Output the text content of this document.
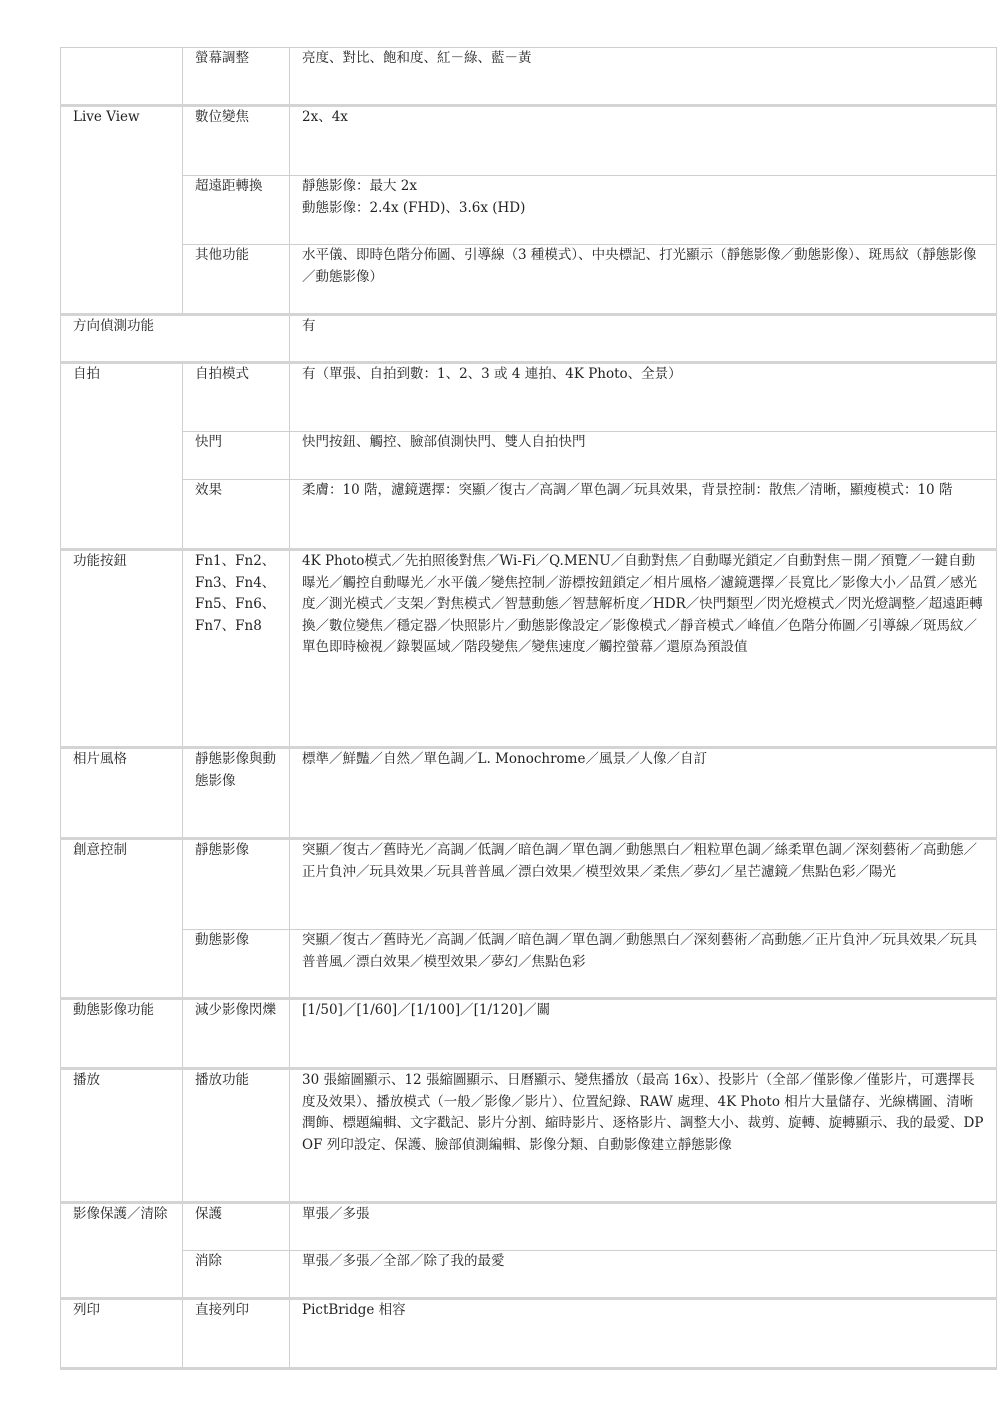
	螢幕調整	亮度、對比、飽和度、紅－綠、藍－黃

Live View	數位變焦	2x、4x

	超遠距轉換	靜態影像：最大 2x
動態影像：2.4x (FHD)、3.6x (HD)

	其他功能	水平儀、即時色階分佈圖、引導線（3 種模式）、中央標記、打光顯示（靜態影像／動態影像）、斑馬紋（靜態影像／動態影像）

方向偵測功能		有

自拍	自拍模式	有（單張、自拍到數：1、2、3 或 4 連拍、4K Photo、全景）

	快門	快門按鈕、觸控、臉部偵測快門、雙人自拍快門

	效果	柔膚：10 階，濾鏡選擇：突顯／復古／高調／單色調／玩具效果，背景控制：散焦／清晰，顯瘦模式：10 階

功能按鈕	Fn1、Fn2、Fn3、Fn4、Fn5、Fn6、Fn7、Fn8	4K Photo模式／先拍照後對焦／Wi-Fi／Q.MENU／自動對焦／自動曝光鎖定／自動對焦－開／預覽／一鍵自動曝光／觸控自動曝光／水平儀／變焦控制／游標按鈕鎖定／相片風格／濾鏡選擇／長寬比／影像大小／品質／感光度／測光模式／支架／對焦模式／智慧動態／智慧解析度／HDR／快門類型／閃光燈模式／閃光燈調整／超遠距轉換／數位變焦／穩定器／快照影片／動態影像設定／影像模式／靜音模式／峰值／色階分佈圖／引導線／斑馬紋／單色即時檢視／錄製區域／階段變焦／變焦速度／觸控螢幕／還原為預設值

相片風格	靜態影像與動態影像	標準／鮮豔／自然／單色調／L. Monochrome／風景／人像／自訂

創意控制	靜態影像	突顯／復古／舊時光／高調／低調／暗色調／單色調／動態黑白／粗粒單色調／絲柔單色調／深刻藝術／高動態／正片負沖／玩具效果／玩具普普風／漂白效果／模型效果／柔焦／夢幻／星芒濾鏡／焦點色彩／陽光

	動態影像	突顯／復古／舊時光／高調／低調／暗色調／單色調／動態黑白／深刻藝術／高動態／正片負沖／玩具效果／玩具普普風／漂白效果／模型效果／夢幻／焦點色彩

動態影像功能	減少影像閃爍	[1/50]／[1/60]／[1/100]／[1/120]／關

播放	播放功能	30 張縮圖顯示、12 張縮圖顯示、日曆顯示、變焦播放（最高 16x）、投影片（全部／僅影像／僅影片，可選擇長度及效果）、播放模式（一般／影像／影片）、位置紀錄、RAW 處理、4K Photo 相片大量儲存、光線構圖、清晰潤飾、標題編輯、文字戳記、影片分割、縮時影片、逐格影片、調整大小、裁剪、旋轉、旋轉顯示、我的最愛、DPOF 列印設定、保護、臉部偵測編輯、影像分類、自動影像建立靜態影像

影像保護／清除	保護	單張／多張

	消除	單張／多張／全部／除了我的最愛

列印	直接列印	PictBridge 相容
